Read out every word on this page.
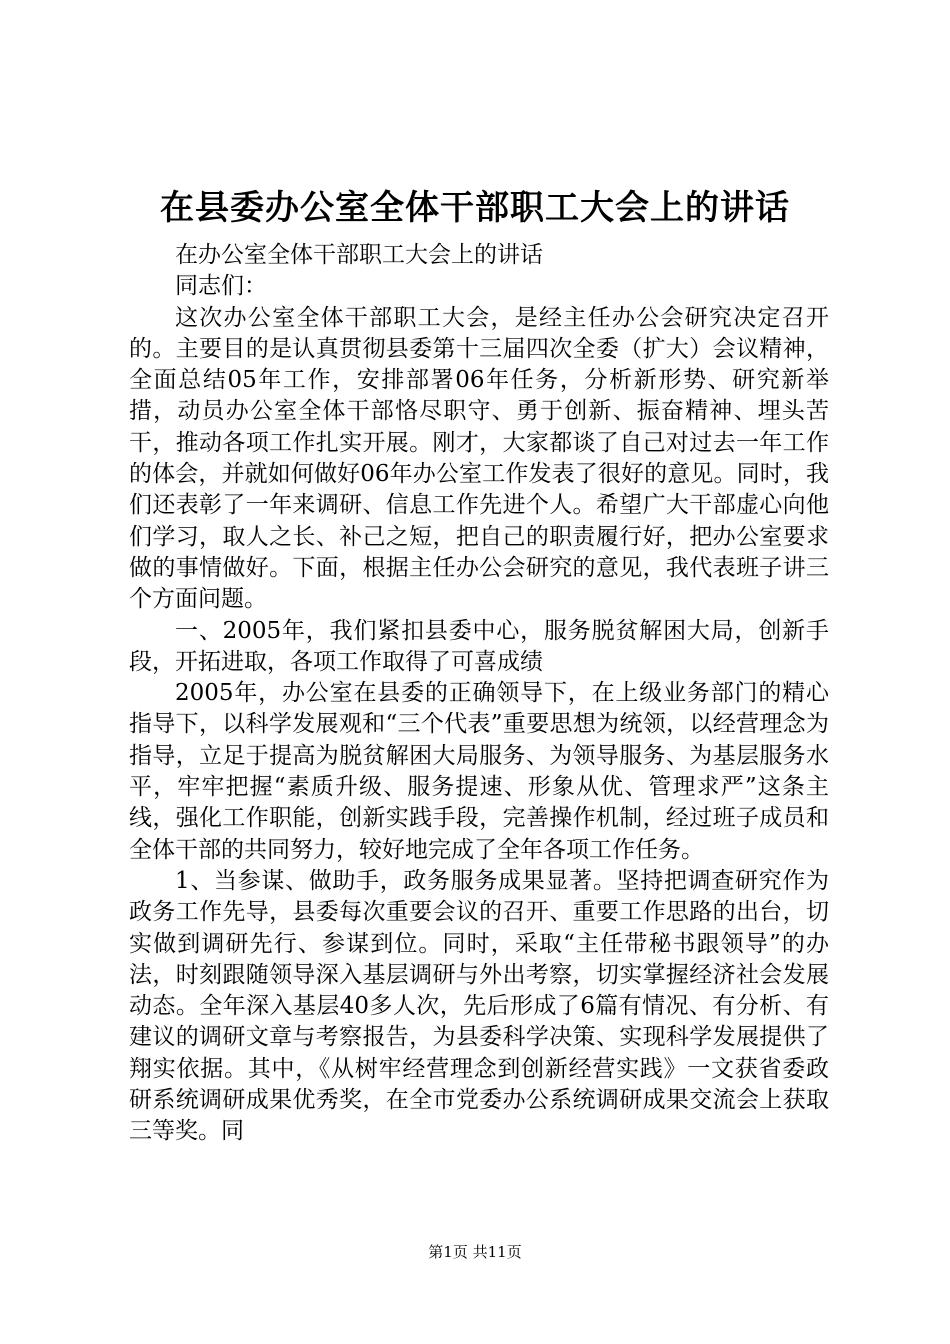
在县委办公室全体干部职工大会上的讲话

在办公室全体干部职工大会上的讲话

同志们：

这次办公室全体干部职工大会，是经主任办公会研究决定召开的。主要目的是认真贯彻县委第十三届四次全委（扩大）会议精神，全面总结05年工作，安排部署06年任务，分析新形势、研究新举措，动员办公室全体干部恪尽职守、勇于创新、振奋精神、埋头苦干，推动各项工作扎实开展。刚才，大家都谈了自己对过去一年工作的体会，并就如何做好06年办公室工作发表了很好的意见。同时，我们还表彰了一年来调研、信息工作先进个人。希望广大干部虚心向他们学习，取人之长、补己之短，把自己的职责履行好，把办公室要求做的事情做好。下面，根据主任办公会研究的意见，我代表班子讲三个方面问题。

一、2005年，我们紧扣县委中心，服务脱贫解困大局，创新手段，开拓进取，各项工作取得了可喜成绩

2005年，办公室在县委的正确领导下，在上级业务部门的精心指导下，以科学发展观和“三个代表”重要思想为统领，以经营理念为指导，立足于提高为脱贫解困大局服务、为领导服务、为基层服务水平，牢牢把握“素质升级、服务提速、形象从优、管理求严”这条主线，强化工作职能，创新实践手段，完善操作机制，经过班子成员和全体干部的共同努力，较好地完成了全年各项工作任务。

1、当参谋、做助手，政务服务成果显著。坚持把调查研究作为政务工作先导，县委每次重要会议的召开、重要工作思路的出台，切实做到调研先行、参谋到位。同时，采取“主任带秘书跟领导”的办法，时刻跟随领导深入基层调研与外出考察，切实掌握经济社会发展动态。全年深入基层40多人次，先后形成了6篇有情况、有分析、有建议的调研文章与考察报告，为县委科学决策、实现科学发展提供了翔实依据。其中，《从树牢经营理念到创新经营实践》一文获省委政研系统调研成果优秀奖，在全市党委办公系统调研成果交流会上获取三等奖。同

第1页 共11页
